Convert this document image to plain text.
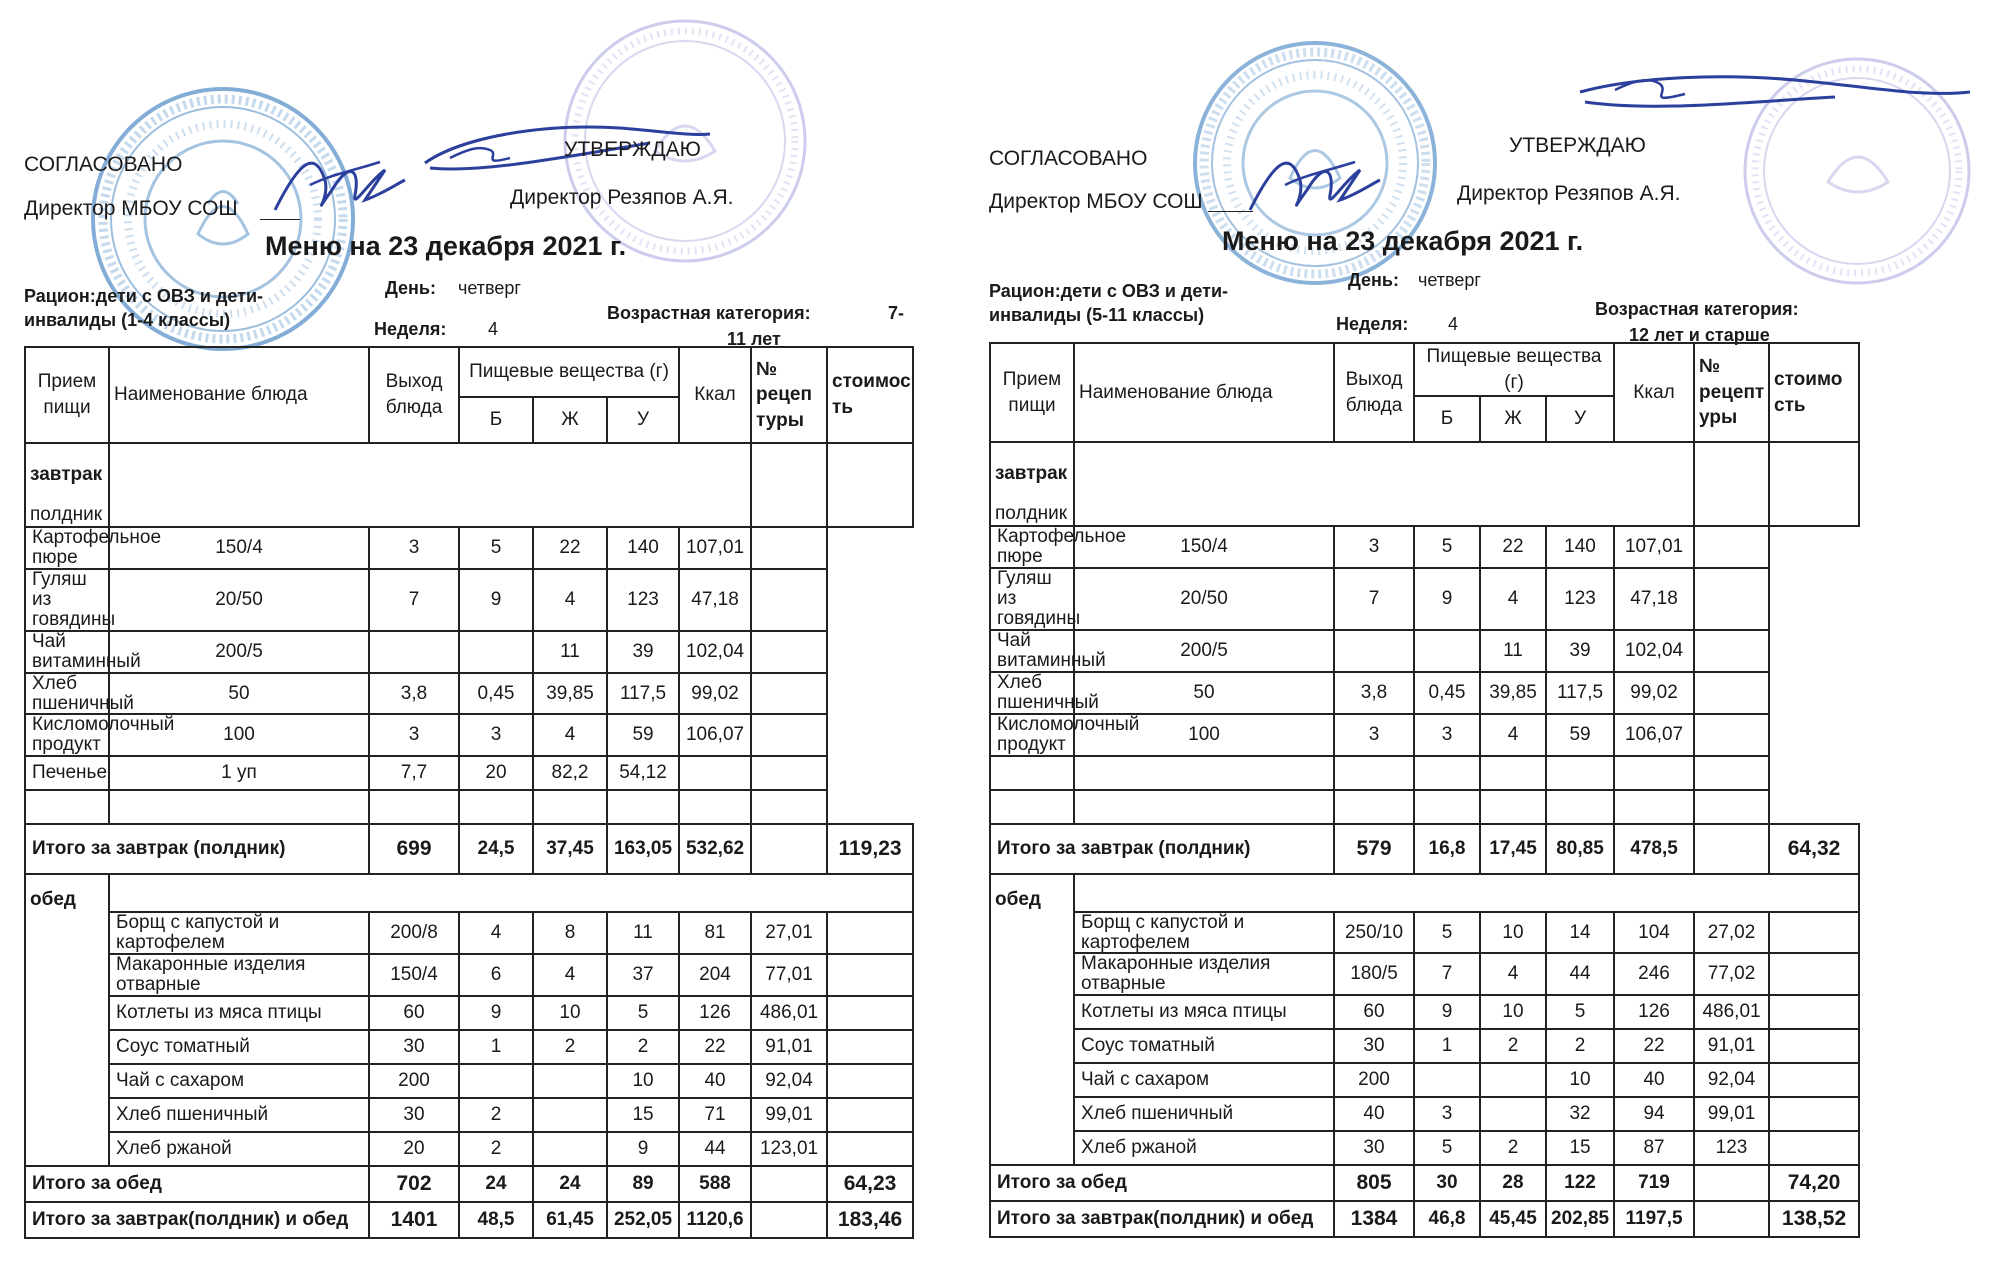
СОГЛАСОВАНО
Директор МБОУ СОШ
УТВЕРЖДАЮ
Директор Резяпов А.Я.
Меню на 23 декабря 2021 г.
Рацион:дети с ОВЗ и дети-
инвалиды (1-4 классы)
День: четверг
Неделя: 4
Возрастная категория:	7-
11 лет
Прием пищи	Наименование блюда	Выход блюда	Пищевые вещества (г)			Ккал	№ рецеп туры	стоимос ть
			Б	Ж	У			

завтрак
полдник								

Картофельное пюре	150/4	3	5	22	140	107,01		
Гуляш из говядины	20/50	7	9	4	123	47,18		
Чай витаминный	200/5			11	39	102,04		
Хлеб пшеничный	50	3,8	0,45	39,85	117,5	99,02		
Кисломолочный продукт	100	3	3	4	59	106,07		
Печенье	1 уп	7,7	20	82,2	54,12			

Итого за завтрак (полдник)		699	24,5	37,45	163,05	532,62		119,23

обед								

	Борщ с капустой и картофелем	200/8	4	8	11	81	27,01	
	Макаронные изделия отварные	150/4	6	4	37	204	77,01	
	Котлеты из мяса птицы	60	9	10	5	126	486,01	
	Соус томатный	30	1	2	2	22	91,01	
	Чай с сахаром	200			10	40	92,04	
	Хлеб пшеничный	30	2		15	71	99,01	
	Хлеб ржаной	20	2		9	44	123,01	
Итого за обед		702	24	24	89	588		64,23
Итого за завтрак(полдник) и обед		1401	48,5	61,45	252,05	1120,6		183,46
СОГЛАСОВАНО
Директор МБОУ СОШ
УТВЕРЖДАЮ
Директор Резяпов А.Я.
Меню на 23 декабря 2021 г.
Рацион:дети с ОВЗ и дети-
инвалиды (5-11 классы)
День: четверг
Неделя: 4
Возрастная категория:
12 лет и старше
Прием пищи	Наименование блюда	Выход блюда	Пищевые вещества (г)			Ккал	№ рецепт уры	стоимо сть
			Б	Ж	У			

завтрак
полдник								

Картофельное пюре	150/4	3	5	22	140	107,01		
Гуляш из говядины	20/50	7	9	4	123	47,18		
Чай витаминный	200/5			11	39	102,04		
Хлеб пшеничный	50	3,8	0,45	39,85	117,5	99,02		
Кисломолочный продукт	100	3	3	4	59	106,07		

Итого за завтрак (полдник)		579	16,8	17,45	80,85	478,5		64,32

обед								

	Борщ с капустой и картофелем	250/10	5	10	14	104	27,02	
	Макаронные изделия отварные	180/5	7	4	44	246	77,02	
	Котлеты из мяса птицы	60	9	10	5	126	486,01	
	Соус томатный	30	1	2	2	22	91,01	
	Чай с сахаром	200			10	40	92,04	
	Хлеб пшеничный	40	3		32	94	99,01	
	Хлеб ржаной	30	5	2	15	87	123	
Итого за обед		805	30	28	122	719		74,20
Итого за завтрак(полдник) и обед		1384	46,8	45,45	202,85	1197,5		138,52
